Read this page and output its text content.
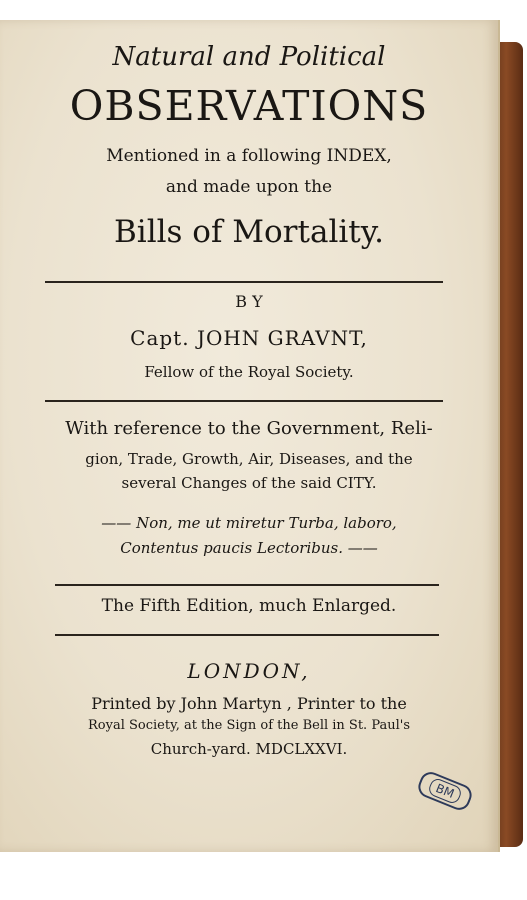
Natural and Political
OBSERVATIONS
Mentioned in a following INDEX,
and made upon the
Bills of Mortality.
B Y
Capt. JOHN GRAVNT,
Fellow of the Royal Society.
With reference to the Government, Reli-
gion, Trade, Growth, Air, Diseases, and the
several Changes of the said CITY.
—— Non, me ut miretur Turba, laboro,
Contentus paucis Lectoribus. ——
The Fifth Edition, much Enlarged.
LONDON,
Printed by John Martyn , Printer to the
Royal Society, at the Sign of the Bell in St. Paul's
Church-yard. MDCLXXVI.
BM
